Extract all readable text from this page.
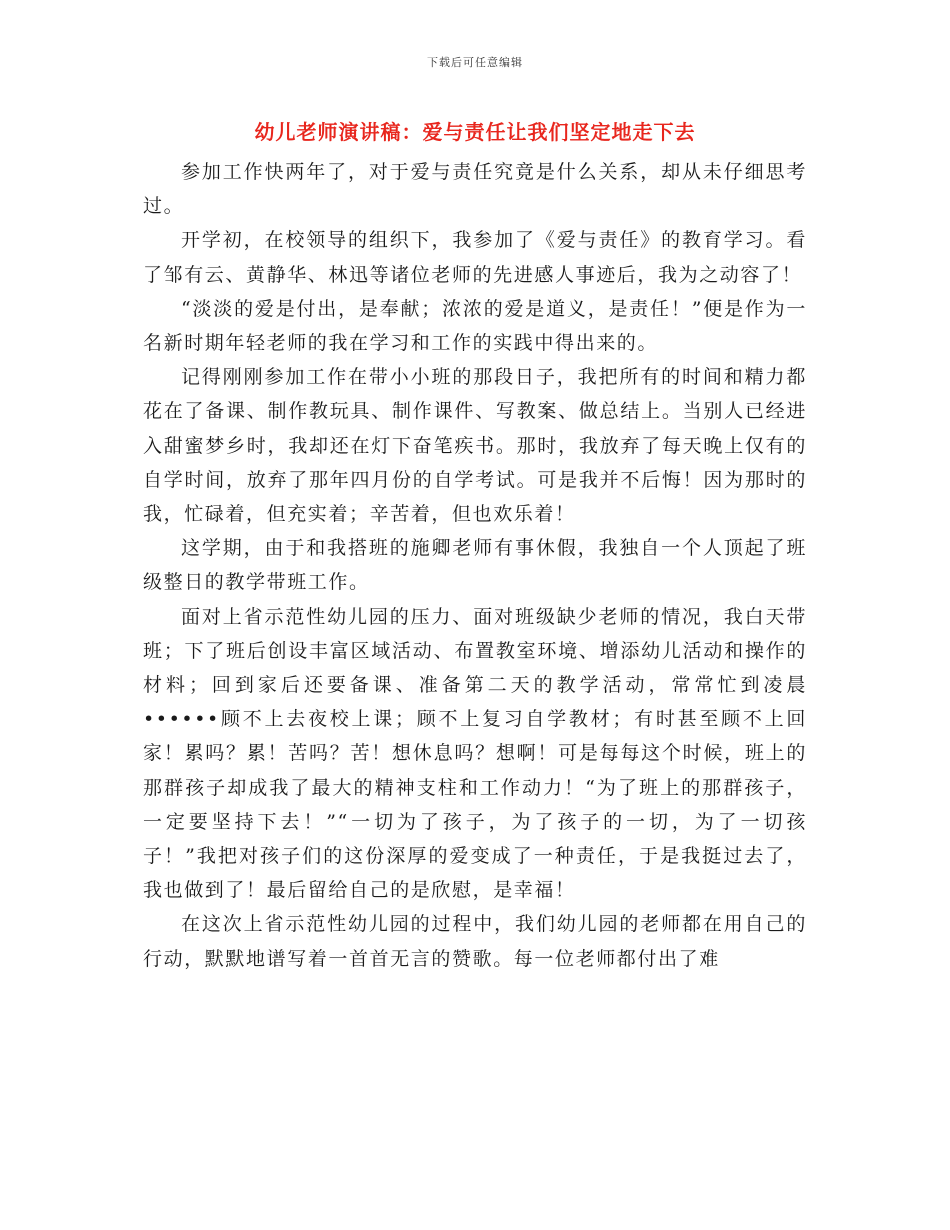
下载后可任意编辑
幼儿老师演讲稿：爱与责任让我们坚定地走下去

参加工作快两年了，对于爱与责任究竟是什么关系，却从未仔细思考过。

开学初，在校领导的组织下，我参加了《爱与责任》的教育学习。看了邹有云、黄静华、林迅等诸位老师的先进感人事迹后，我为之动容了！

“淡淡的爱是付出，是奉献；浓浓的爱是道义，是责任！”便是作为一名新时期年轻老师的我在学习和工作的实践中得出来的。

记得刚刚参加工作在带小小班的那段日子，我把所有的时间和精力都花在了备课、制作教玩具、制作课件、写教案、做总结上。当别人已经进入甜蜜梦乡时，我却还在灯下奋笔疾书。那时，我放弃了每天晚上仅有的自学时间，放弃了那年四月份的自学考试。可是我并不后悔！因为那时的我，忙碌着，但充实着；辛苦着，但也欢乐着！

这学期，由于和我搭班的施卿老师有事休假，我独自一个人顶起了班级整日的教学带班工作。

面对上省示范性幼儿园的压力、面对班级缺少老师的情况，我白天带班；下了班后创设丰富区域活动、布置教室环境、增添幼儿活动和操作的材料；回到家后还要备课、准备第二天的教学活动，常常忙到凌晨••••••顾不上去夜校上课；顾不上复习自学教材；有时甚至顾不上回家！累吗？累！苦吗？苦！想休息吗？想啊！可是每每这个时候，班上的那群孩子却成我了最大的精神支柱和工作动力！“为了班上的那群孩子，一定要坚持下去！”“一切为了孩子，为了孩子的一切，为了一切孩子！”我把对孩子们的这份深厚的爱变成了一种责任，于是我挺过去了，我也做到了！最后留给自己的是欣慰，是幸福！

在这次上省示范性幼儿园的过程中，我们幼儿园的老师都在用自己的行动，默默地谱写着一首首无言的赞歌。每一位老师都付出了难
